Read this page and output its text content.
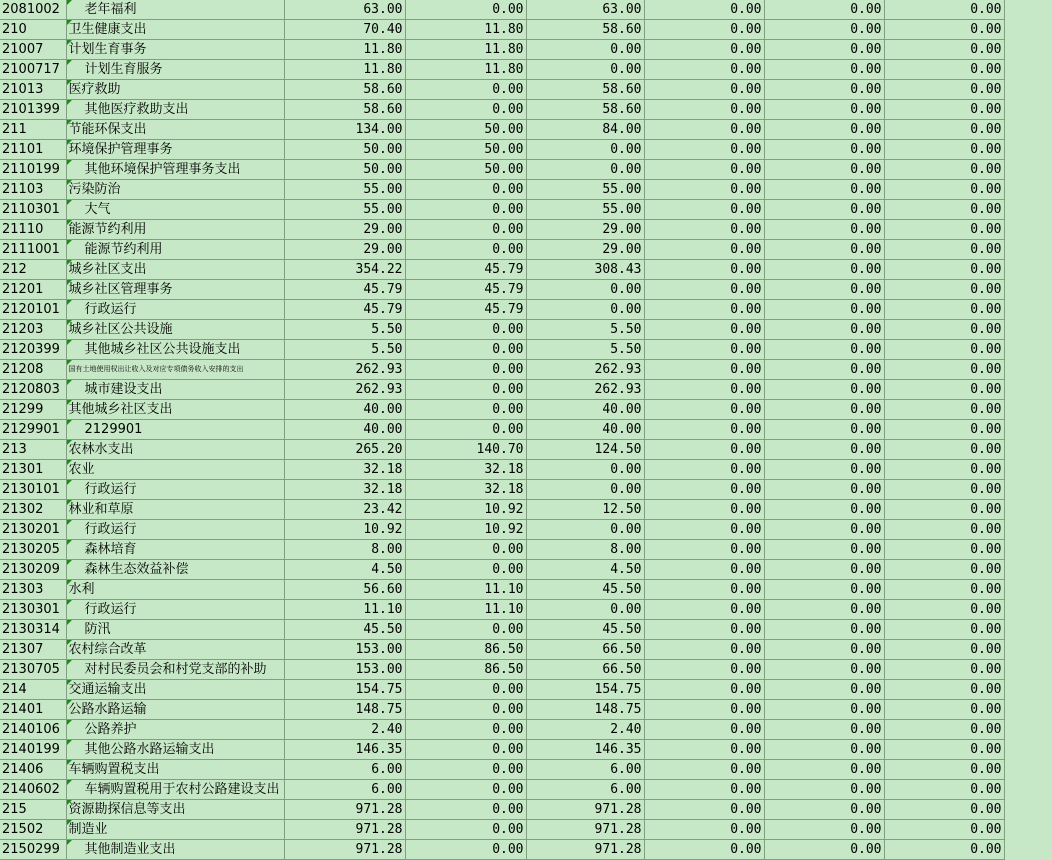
2081002	老年福利	63.00	0.00	63.00	0.00	0.00	0.00
210	卫生健康支出	70.40	11.80	58.60	0.00	0.00	0.00
21007	计划生育事务	11.80	11.80	0.00	0.00	0.00	0.00
2100717	计划生育服务	11.80	11.80	0.00	0.00	0.00	0.00
21013	医疗救助	58.60	0.00	58.60	0.00	0.00	0.00
2101399	其他医疗救助支出	58.60	0.00	58.60	0.00	0.00	0.00
211	节能环保支出	134.00	50.00	84.00	0.00	0.00	0.00
21101	环境保护管理事务	50.00	50.00	0.00	0.00	0.00	0.00
2110199	其他环境保护管理事务支出	50.00	50.00	0.00	0.00	0.00	0.00
21103	污染防治	55.00	0.00	55.00	0.00	0.00	0.00
2110301	大气	55.00	0.00	55.00	0.00	0.00	0.00
21110	能源节约利用	29.00	0.00	29.00	0.00	0.00	0.00
2111001	能源节约利用	29.00	0.00	29.00	0.00	0.00	0.00
212	城乡社区支出	354.22	45.79	308.43	0.00	0.00	0.00
21201	城乡社区管理事务	45.79	45.79	0.00	0.00	0.00	0.00
2120101	行政运行	45.79	45.79	0.00	0.00	0.00	0.00
21203	城乡社区公共设施	5.50	0.00	5.50	0.00	0.00	0.00
2120399	其他城乡社区公共设施支出	5.50	0.00	5.50	0.00	0.00	0.00
21208	国有土地使用权出让收入及对应专项债务收入安排的支出	262.93	0.00	262.93	0.00	0.00	0.00
2120803	城市建设支出	262.93	0.00	262.93	0.00	0.00	0.00
21299	其他城乡社区支出	40.00	0.00	40.00	0.00	0.00	0.00
2129901	2129901	40.00	0.00	40.00	0.00	0.00	0.00
213	农林水支出	265.20	140.70	124.50	0.00	0.00	0.00
21301	农业	32.18	32.18	0.00	0.00	0.00	0.00
2130101	行政运行	32.18	32.18	0.00	0.00	0.00	0.00
21302	林业和草原	23.42	10.92	12.50	0.00	0.00	0.00
2130201	行政运行	10.92	10.92	0.00	0.00	0.00	0.00
2130205	森林培育	8.00	0.00	8.00	0.00	0.00	0.00
2130209	森林生态效益补偿	4.50	0.00	4.50	0.00	0.00	0.00
21303	水利	56.60	11.10	45.50	0.00	0.00	0.00
2130301	行政运行	11.10	11.10	0.00	0.00	0.00	0.00
2130314	防汛	45.50	0.00	45.50	0.00	0.00	0.00
21307	农村综合改革	153.00	86.50	66.50	0.00	0.00	0.00
2130705	对村民委员会和村党支部的补助	153.00	86.50	66.50	0.00	0.00	0.00
214	交通运输支出	154.75	0.00	154.75	0.00	0.00	0.00
21401	公路水路运输	148.75	0.00	148.75	0.00	0.00	0.00
2140106	公路养护	2.40	0.00	2.40	0.00	0.00	0.00
2140199	其他公路水路运输支出	146.35	0.00	146.35	0.00	0.00	0.00
21406	车辆购置税支出	6.00	0.00	6.00	0.00	0.00	0.00
2140602	车辆购置税用于农村公路建设支出	6.00	0.00	6.00	0.00	0.00	0.00
215	资源勘探信息等支出	971.28	0.00	971.28	0.00	0.00	0.00
21502	制造业	971.28	0.00	971.28	0.00	0.00	0.00
2150299	其他制造业支出	971.28	0.00	971.28	0.00	0.00	0.00
